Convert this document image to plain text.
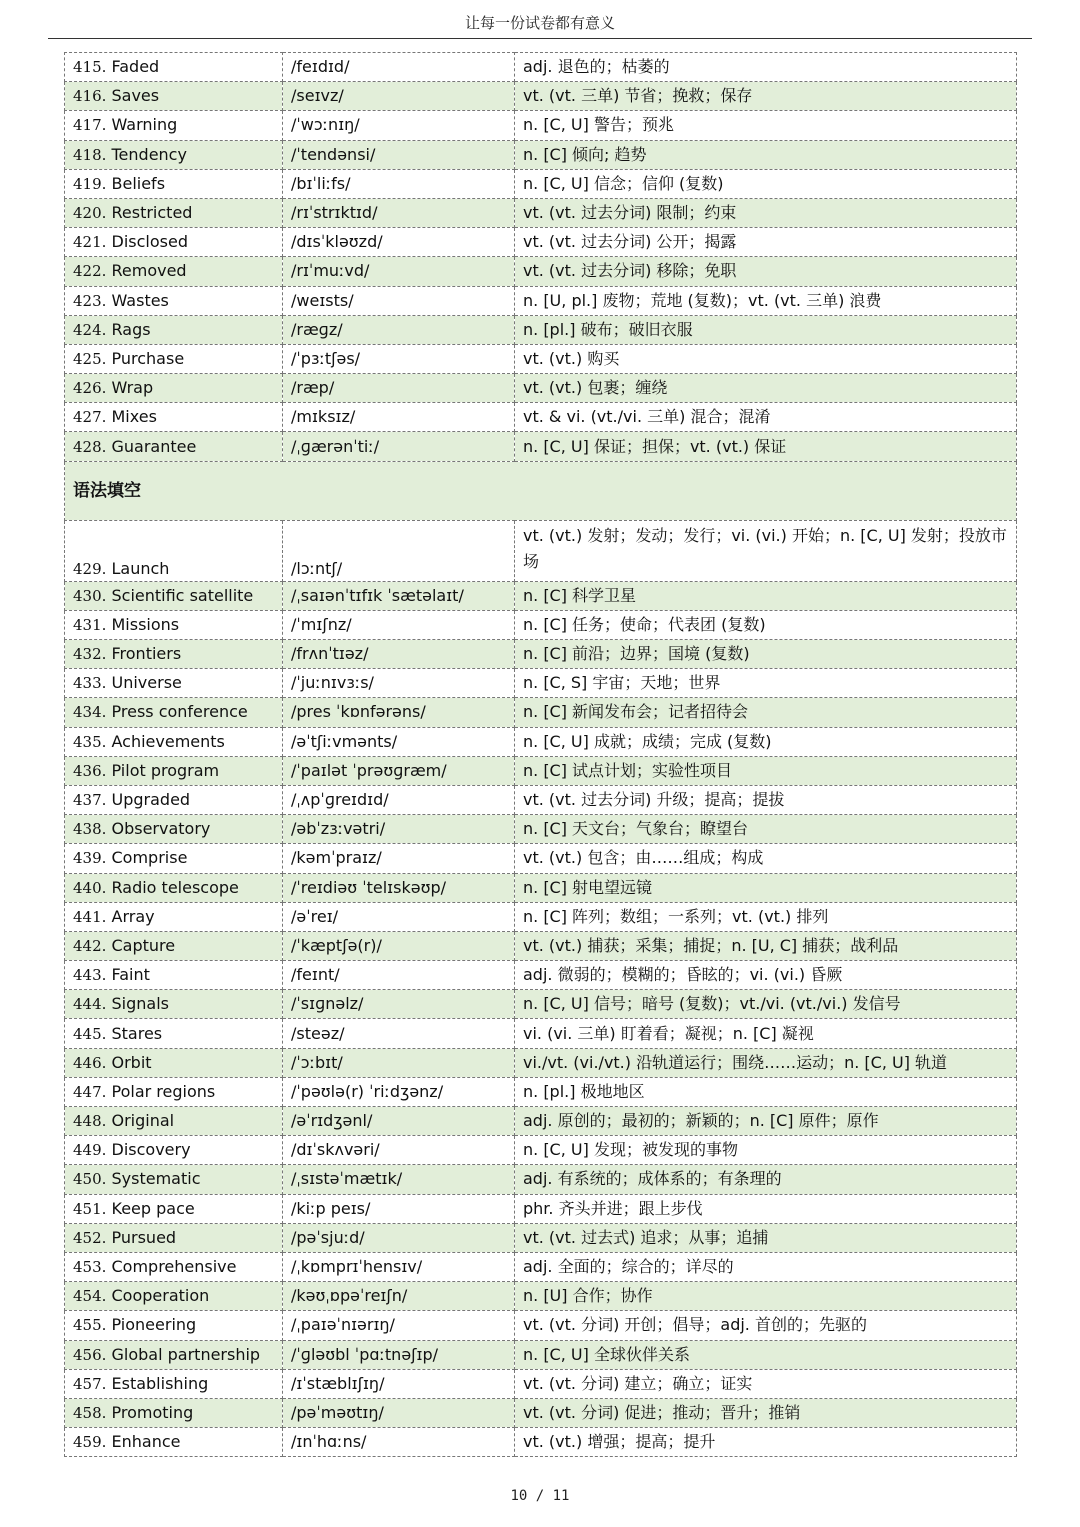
让每一份试卷都有意义
415. Faded	/feɪdɪd/	adj. 退色的；枯萎的
416. Saves	/seɪvz/	vt. (vt. 三单) 节省；挽救；保存
417. Warning	/ˈwɔːnɪŋ/	n. [C, U] 警告；预兆
418. Tendency	/ˈtendənsi/	n. [C] 倾向; 趋势
419. Beliefs	/bɪˈliːfs/	n. [C, U] 信念；信仰 (复数)
420. Restricted	/rɪˈstrɪktɪd/	vt. (vt. 过去分词) 限制；约束
421. Disclosed	/dɪsˈkləʊzd/	vt. (vt. 过去分词) 公开；揭露
422. Removed	/rɪˈmuːvd/	vt. (vt. 过去分词) 移除；免职
423. Wastes	/weɪsts/	n. [U, pl.] 废物；荒地 (复数)；vt. (vt. 三单) 浪费
424. Rags	/ræɡz/	n. [pl.] 破布；破旧衣服
425. Purchase	/ˈpɜːtʃəs/	vt. (vt.) 购买
426. Wrap	/ræp/	vt. (vt.) 包裹；缠绕
427. Mixes	/mɪksɪz/	vt. & vi. (vt./vi. 三单) 混合；混淆
428. Guarantee	/ˌɡærənˈtiː/	n. [C, U] 保证；担保；vt. (vt.) 保证
语法填空		
429. Launch	/lɔːntʃ/	vt. (vt.) 发射；发动；发行；vi. (vi.) 开始；n. [C, U] 发射；投放市场
430. Scientific satellite	/ˌsaɪənˈtɪfɪk ˈsætəlaɪt/	n. [C] 科学卫星
431. Missions	/ˈmɪʃnz/	n. [C] 任务；使命；代表团 (复数)
432. Frontiers	/frʌnˈtɪəz/	n. [C] 前沿；边界；国境 (复数)
433. Universe	/ˈjuːnɪvɜːs/	n. [C, S] 宇宙；天地；世界
434. Press conference	/pres ˈkɒnfərəns/	n. [C] 新闻发布会；记者招待会
435. Achievements	/əˈtʃiːvmənts/	n. [C, U] 成就；成绩；完成 (复数)
436. Pilot program	/ˈpaɪlət ˈprəʊɡræm/	n. [C] 试点计划；实验性项目
437. Upgraded	/ˌʌpˈɡreɪdɪd/	vt. (vt. 过去分词) 升级；提高；提拔
438. Observatory	/əbˈzɜːvətri/	n. [C] 天文台；气象台；瞭望台
439. Comprise	/kəmˈpraɪz/	vt. (vt.) 包含；由……组成；构成
440. Radio telescope	/ˈreɪdiəʊ ˈtelɪskəʊp/	n. [C] 射电望远镜
441. Array	/əˈreɪ/	n. [C] 阵列；数组；一系列；vt. (vt.) 排列
442. Capture	/ˈkæptʃə(r)/	vt. (vt.) 捕获；采集；捕捉；n. [U, C] 捕获；战利品
443. Faint	/feɪnt/	adj. 微弱的；模糊的；昏眩的；vi. (vi.) 昏厥
444. Signals	/ˈsɪɡnəlz/	n. [C, U] 信号；暗号 (复数)；vt./vi. (vt./vi.) 发信号
445. Stares	/steəz/	vi. (vi. 三单) 盯着看；凝视；n. [C] 凝视
446. Orbit	/ˈɔːbɪt/	vi./vt. (vi./vt.) 沿轨道运行；围绕……运动；n. [C, U] 轨道
447. Polar regions	/ˈpəʊlə(r) ˈriːdʒənz/	n. [pl.] 极地地区
448. Original	/əˈrɪdʒənl/	adj. 原创的；最初的；新颖的；n. [C] 原件；原作
449. Discovery	/dɪˈskʌvəri/	n. [C, U] 发现；被发现的事物
450. Systematic	/ˌsɪstəˈmætɪk/	adj. 有系统的；成体系的；有条理的
451. Keep pace	/kiːp peɪs/	phr. 齐头并进；跟上步伐
452. Pursued	/pəˈsjuːd/	vt. (vt. 过去式) 追求；从事；追捕
453. Comprehensive	/ˌkɒmprɪˈhensɪv/	adj. 全面的；综合的；详尽的
454. Cooperation	/kəʊˌɒpəˈreɪʃn/	n. [U] 合作；协作
455. Pioneering	/ˌpaɪəˈnɪərɪŋ/	vt. (vt. 分词) 开创；倡导；adj. 首创的；先驱的
456. Global partnership	/ˈɡləʊbl ˈpɑːtnəʃɪp/	n. [C, U] 全球伙伴关系
457. Establishing	/ɪˈstæblɪʃɪŋ/	vt. (vt. 分词) 建立；确立；证实
458. Promoting	/pəˈməʊtɪŋ/	vt. (vt. 分词) 促进；推动；晋升；推销
459. Enhance	/ɪnˈhɑːns/	vt. (vt.) 增强；提高；提升
10 / 11
